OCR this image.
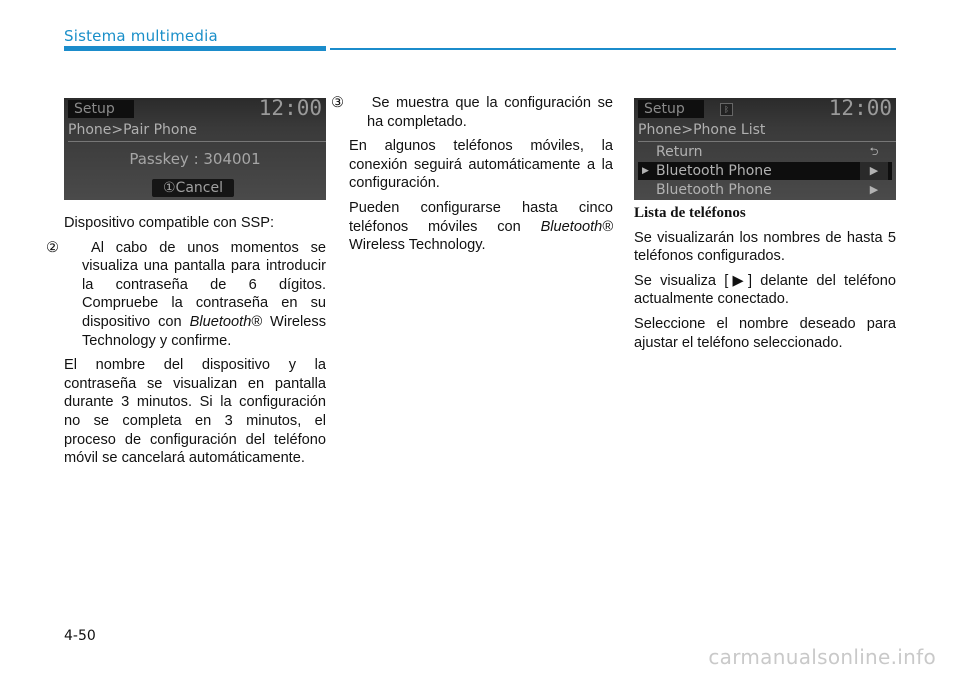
Sistema multimedia
Setup	12:00
Phone>Pair Phone
Passkey : 304001
①Cancel
Setup	ᛒ	12:00
Phone>Phone List
Return	⮌
▶ Bluetooth Phone	▶
Bluetooth Phone	▶

Dispositivo compatible con SSP:

② Al cabo de unos momentos se visualiza una pantalla para introducir la contraseña de 6 dígitos. Compruebe la contraseña en su dispositivo con Bluetooth® Wireless Technology y confirme.

El nombre del dispositivo y la contraseña se visualizan en pantalla durante 3 minutos. Si la configuración no se completa en 3 minutos, el proceso de configuración del teléfono móvil se cancelará automáticamente.

③ Se muestra que la configuración se ha completado.

En algunos teléfonos móviles, la conexión seguirá automáticamente a la configuración.

Pueden configurarse hasta cinco teléfonos móviles con Bluetooth® Wireless Technology.

Lista de teléfonos

Se visualizarán los nombres de hasta 5 teléfonos configurados.

Se visualiza [▶] delante del teléfono actualmente conectado.

Seleccione el nombre deseado para ajustar el teléfono seleccionado.

4-50
carmanualsonline.info
